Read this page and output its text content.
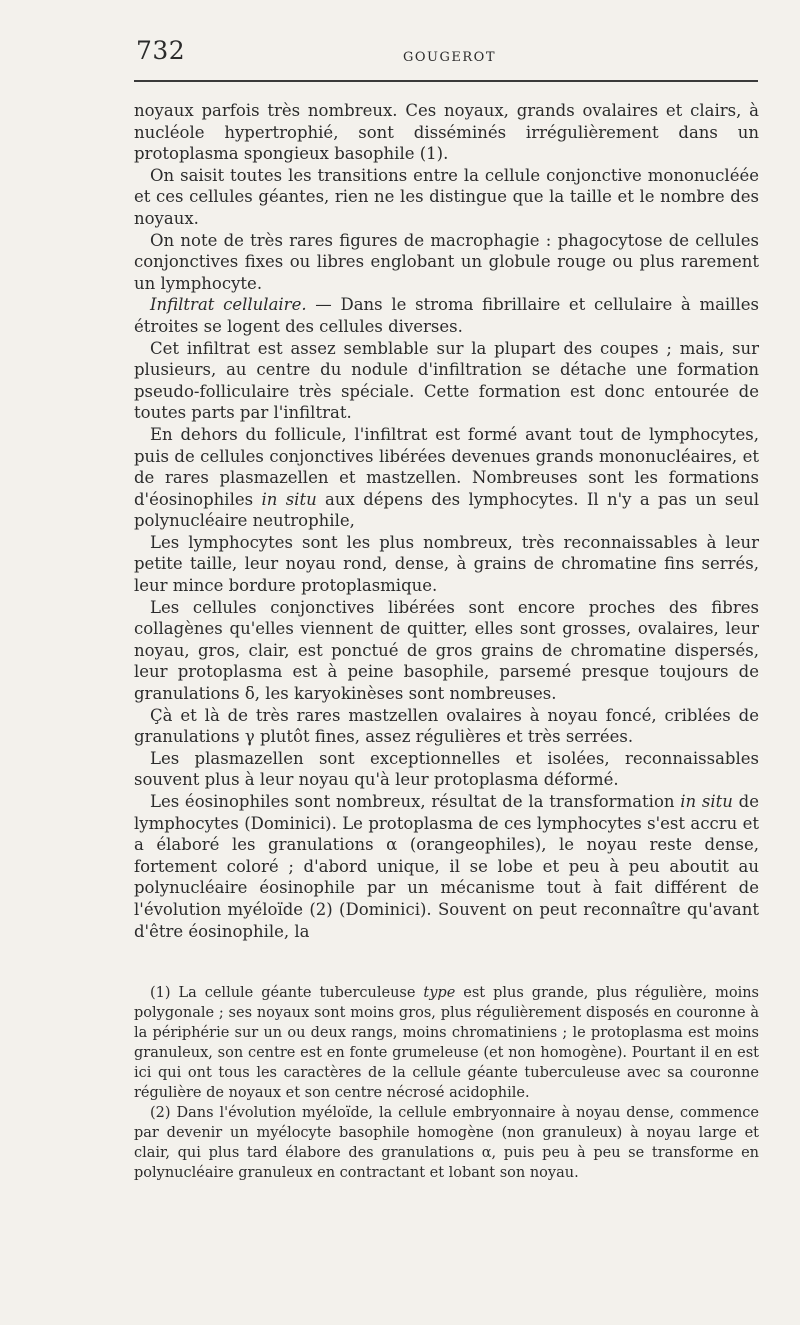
732	GOUGEROT

noyaux parfois très nombreux. Ces noyaux, grands ovalaires et clairs, à nucléole hypertrophié, sont disséminés irrégulièrement dans un protoplasma spongieux basophile (1).

On saisit toutes les transitions entre la cellule conjonctive mononucléée et ces cellules géantes, rien ne les distingue que la taille et le nombre des noyaux.

On note de très rares figures de macrophagie : phagocytose de cellules conjonctives fixes ou libres englobant un globule rouge ou plus rarement un lymphocyte.

Infiltrat cellulaire. — Dans le stroma fibrillaire et cellulaire à mailles étroites se logent des cellules diverses.

Cet infiltrat est assez semblable sur la plupart des coupes ; mais, sur plusieurs, au centre du nodule d'infiltration se détache une formation pseudo-folliculaire très spéciale. Cette formation est donc entourée de toutes parts par l'infiltrat.

En dehors du follicule, l'infiltrat est formé avant tout de lymphocytes, puis de cellules conjonctives libérées devenues grands mononucléaires, et de rares plasmazellen et mastzellen. Nombreuses sont les formations d'éosinophiles in situ aux dépens des lymphocytes. Il n'y a pas un seul polynucléaire neutrophile,

Les lymphocytes sont les plus nombreux, très reconnaissables à leur petite taille, leur noyau rond, dense, à grains de chromatine fins serrés, leur mince bordure protoplasmique.

Les cellules conjonctives libérées sont encore proches des fibres collagènes qu'elles viennent de quitter, elles sont grosses, ovalaires, leur noyau, gros, clair, est ponctué de gros grains de chromatine dispersés, leur protoplasma est à peine basophile, parsemé presque toujours de granulations δ, les karyokinèses sont nombreuses.

Çà et là de très rares mastzellen ovalaires à noyau foncé, criblées de granulations γ plutôt fines, assez régulières et très serrées.

Les plasmazellen sont exceptionnelles et isolées, reconnaissables souvent plus à leur noyau qu'à leur protoplasma déformé.

Les éosinophiles sont nombreux, résultat de la transformation in situ de lymphocytes (Dominici). Le protoplasma de ces lymphocytes s'est accru et a élaboré les granulations α (orangeophiles), le noyau reste dense, fortement coloré ; d'abord unique, il se lobe et peu à peu aboutit au polynucléaire éosinophile par un mécanisme tout à fait différent de l'évolution myéloïde (2) (Dominici). Souvent on peut reconnaître qu'avant d'être éosinophile, la

(1) La cellule géante tuberculeuse type est plus grande, plus régulière, moins polygonale ; ses noyaux sont moins gros, plus régulièrement disposés en couronne à la périphérie sur un ou deux rangs, moins chromatiniens ; le protoplasma est moins granuleux, son centre est en fonte grumeleuse (et non homogène). Pourtant il en est ici qui ont tous les caractères de la cellule géante tuberculeuse avec sa couronne régulière de noyaux et son centre nécrosé acidophile.

(2) Dans l'évolution myéloïde, la cellule embryonnaire à noyau dense, commence par devenir un myélocyte basophile homogène (non granuleux) à noyau large et clair, qui plus tard élabore des granulations α, puis peu à peu se transforme en polynucléaire granuleux en contractant et lobant son noyau.
